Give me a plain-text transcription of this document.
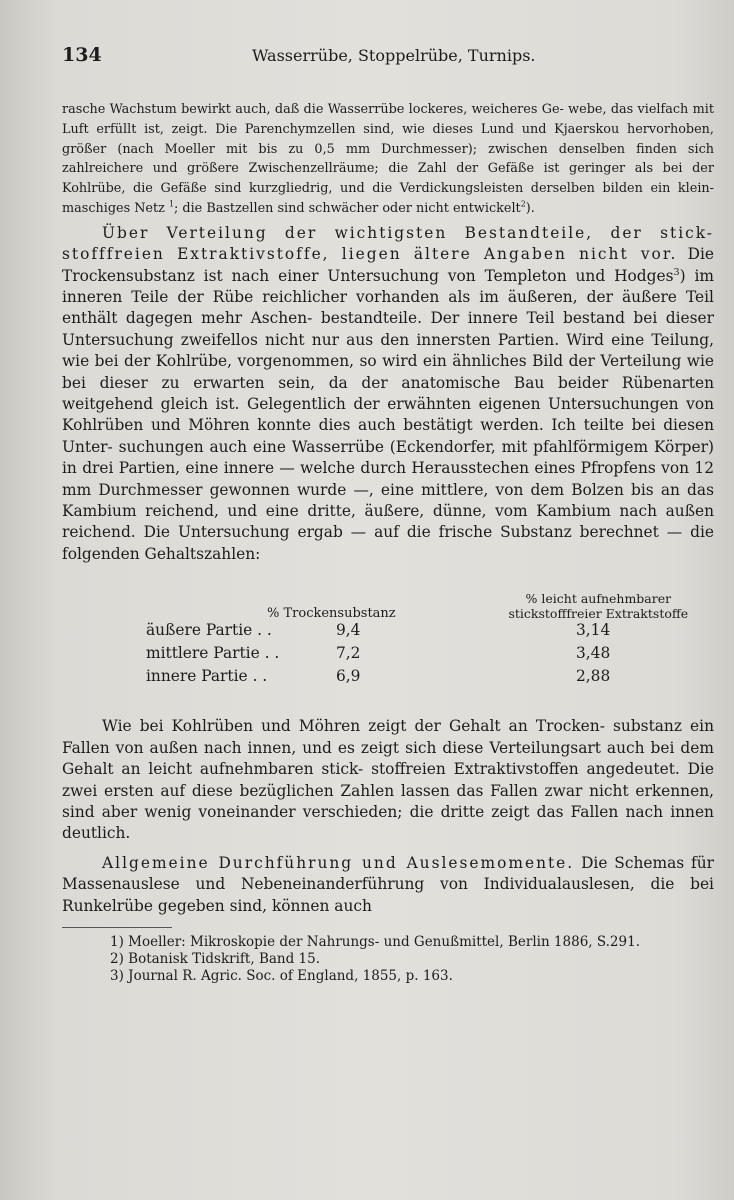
134	Wasserrübe, Stoppelrübe, Turnips.

rasche Wachstum bewirkt auch, daß die Wasserrübe lockeres, weicheres Ge- webe, das vielfach mit Luft erfüllt ist, zeigt. Die Parenchymzellen sind, wie dieses Lund und Kjaerskou hervorhoben, größer (nach Moeller mit bis zu 0,5 mm Durchmesser); zwischen denselben finden sich zahlreichere und größere Zwischenzellräume; die Zahl der Gefäße ist geringer als bei der Kohlrübe, die Gefäße sind kurzgliedrig, und die Verdickungsleisten derselben bilden ein klein- maschiges Netz $^1$; die Bastzellen sind schwächer oder nicht entwickelt$^2$).

Über Verteilung der wichtigsten Bestandteile, der stick- stofffreien Extraktivstoffe, liegen ältere Angaben nicht vor. Die Trockensubstanz ist nach einer Untersuchung von Templeton und Hodges$^3$) im inneren Teile der Rübe reichlicher vorhanden als im äußeren, der äußere Teil enthält dagegen mehr Aschen- bestandteile. Der innere Teil bestand bei dieser Untersuchung zweifellos nicht nur aus den innersten Partien. Wird eine Teilung, wie bei der Kohlrübe, vorgenommen, so wird ein ähnliches Bild der Verteilung wie bei dieser zu erwarten sein, da der anatomische Bau beider Rübenarten weitgehend gleich ist. Gelegentlich der erwähnten eigenen Untersuchungen von Kohlrüben und Möhren konnte dies auch bestätigt werden. Ich teilte bei diesen Unter- suchungen auch eine Wasserrübe (Eckendorfer, mit pfahlförmigem Körper) in drei Partien, eine innere — welche durch Herausstechen eines Pfropfens von 12 mm Durchmesser gewonnen wurde —, eine mittlere, von dem Bolzen bis an das Kambium reichend, und eine dritte, äußere, dünne, vom Kambium nach außen reichend. Die Untersuchung ergab — auf die frische Substanz berechnet — die folgenden Gehaltszahlen:

% Trockensubstanz
% leicht aufnehmbarer
stickstofffreier Extraktstoffe
äußere Partie . .	9,4	3,14
mittlere Partie . .	7,2	3,48
innere Partie . .	6,9	2,88

Wie bei Kohlrüben und Möhren zeigt der Gehalt an Trocken- substanz ein Fallen von außen nach innen, und es zeigt sich diese Verteilungsart auch bei dem Gehalt an leicht aufnehmbaren stick- stoffreien Extraktivstoffen angedeutet. Die zwei ersten auf diese bezüglichen Zahlen lassen das Fallen zwar nicht erkennen, sind aber wenig voneinander verschieden; die dritte zeigt das Fallen nach innen deutlich.

Allgemeine Durchführung und Auslesemomente. Die Schemas für Massenauslese und Nebeneinanderführung von Individualauslesen, die bei Runkelrübe gegeben sind, können auch

1) Moeller: Mikroskopie der Nahrungs- und Genußmittel, Berlin 1886, S.291.
2) Botanisk Tidskrift, Band 15.
3) Journal R. Agric. Soc. of England, 1855, p. 163.
